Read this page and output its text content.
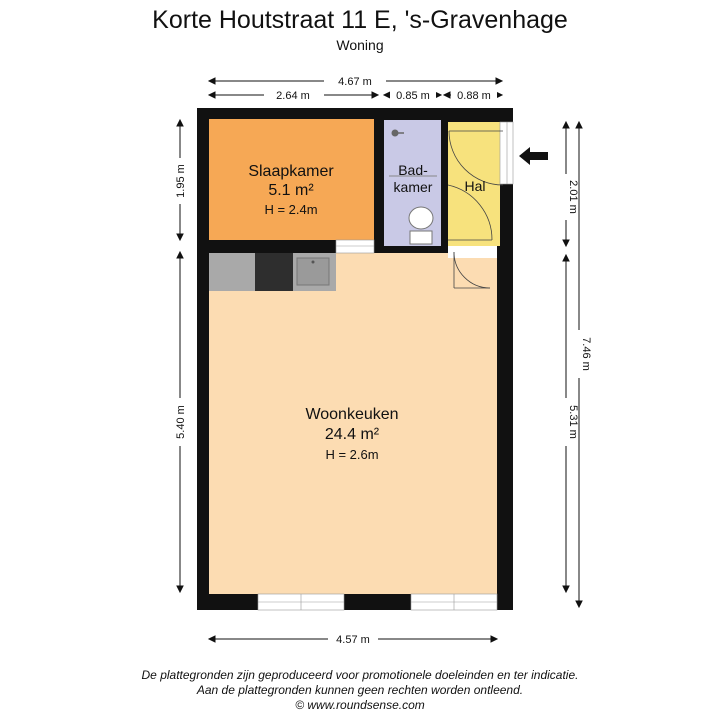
Korte Houtstraat 11 E, 's-Gravenhage
Woning
4.67 m
2.64 m	0.85 m 0.88 m
4.57 m
1.95 m
5.40 m
2.01 m
5.31 m
7.46 m
Slaapkamer
5.1 m²
H = 2.4m
Bad-
kamer Hal
Woonkeuken
24.4 m²
H = 2.6m
De plattegronden zijn geproduceerd voor promotionele doeleinden en ter indicatie.
Aan de plattegronden kunnen geen rechten worden ontleend.
© www.roundsense.com
